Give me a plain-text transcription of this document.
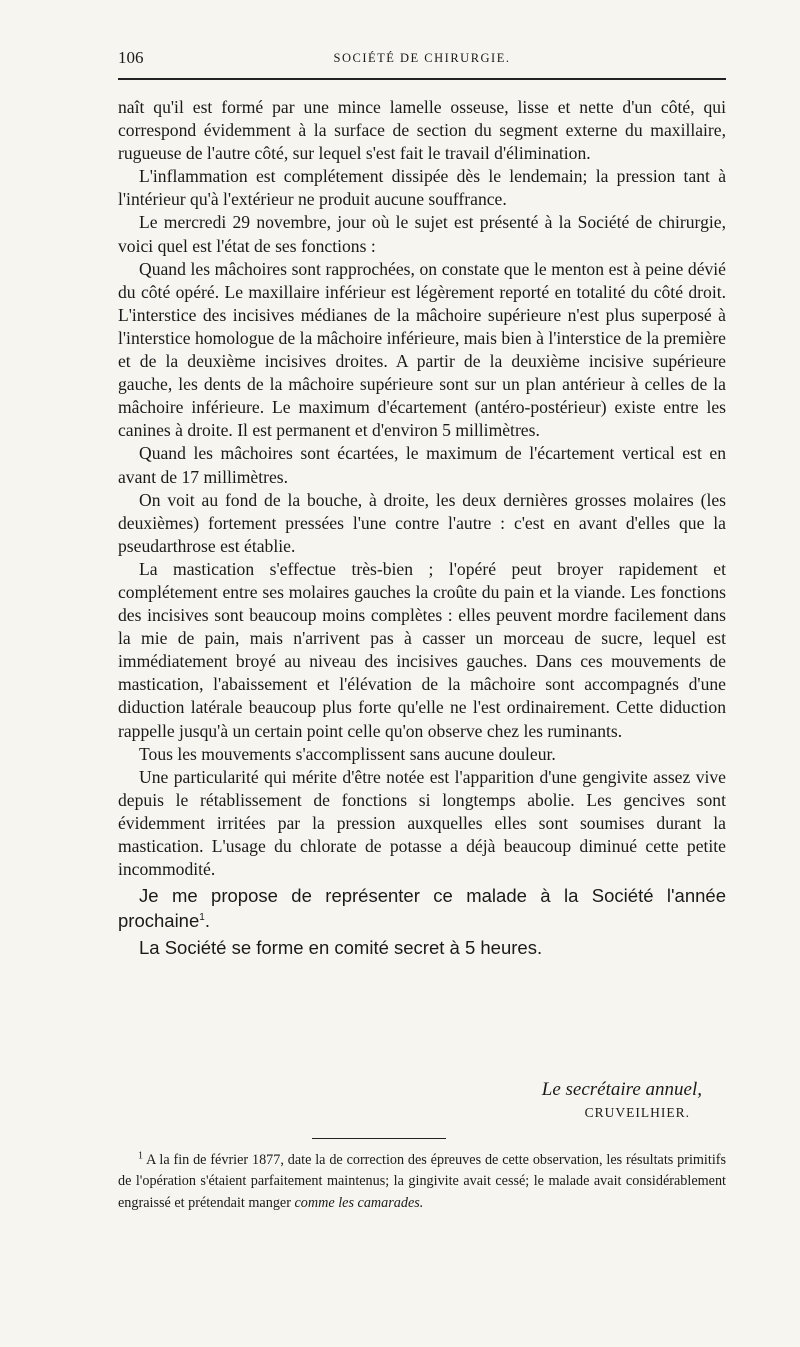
106	SOCIÉTÉ DE CHIRURGIE.

naît qu'il est formé par une mince lamelle osseuse, lisse et nette d'un côté, qui correspond évidemment à la surface de section du segment externe du maxillaire, rugueuse de l'autre côté, sur lequel s'est fait le travail d'élimination.

L'inflammation est complétement dissipée dès le lendemain; la pression tant à l'intérieur qu'à l'extérieur ne produit aucune souffrance.

Le mercredi 29 novembre, jour où le sujet est présenté à la Société de chirurgie, voici quel est l'état de ses fonctions :

Quand les mâchoires sont rapprochées, on constate que le menton est à peine dévié du côté opéré. Le maxillaire inférieur est légèrement reporté en totalité du côté droit. L'interstice des incisives médianes de la mâchoire supérieure n'est plus superposé à l'interstice homologue de la mâchoire inférieure, mais bien à l'interstice de la première et de la deuxième incisives droites. A partir de la deuxième incisive supérieure gauche, les dents de la mâchoire supérieure sont sur un plan antérieur à celles de la mâchoire inférieure. Le maximum d'écartement (antéro-postérieur) existe entre les canines à droite. Il est permanent et d'environ 5 millimètres.

Quand les mâchoires sont écartées, le maximum de l'écartement vertical est en avant de 17 millimètres.

On voit au fond de la bouche, à droite, les deux dernières grosses molaires (les deuxièmes) fortement pressées l'une contre l'autre : c'est en avant d'elles que la pseudarthrose est établie.

La mastication s'effectue très-bien ; l'opéré peut broyer rapidement et complétement entre ses molaires gauches la croûte du pain et la viande. Les fonctions des incisives sont beaucoup moins complètes : elles peuvent mordre facilement dans la mie de pain, mais n'arrivent pas à casser un morceau de sucre, lequel est immédiatement broyé au niveau des incisives gauches. Dans ces mouvements de mastication, l'abaissement et l'élévation de la mâchoire sont accompagnés d'une diduction latérale beaucoup plus forte qu'elle ne l'est ordinairement. Cette diduction rappelle jusqu'à un certain point celle qu'on observe chez les ruminants.

Tous les mouvements s'accomplissent sans aucune douleur.

Une particularité qui mérite d'être notée est l'apparition d'une gengivite assez vive depuis le rétablissement de fonctions si longtemps abolie. Les gencives sont évidemment irritées par la pression auxquelles elles sont soumises durant la mastication. L'usage du chlorate de potasse a déjà beaucoup diminué cette petite incommodité.

Je me propose de représenter ce malade à la Société l'année prochaine$^1$.

La Société se forme en comité secret à 5 heures.

Le secrétaire annuel,
CRUVEILHIER.

$^1$ A la fin de février 1877, date la de correction des épreuves de cette observation, les résultats primitifs de l'opération s'étaient parfaitement maintenus; la gingivite avait cessé; le malade avait considérablement engraissé et prétendait manger comme les camarades.
